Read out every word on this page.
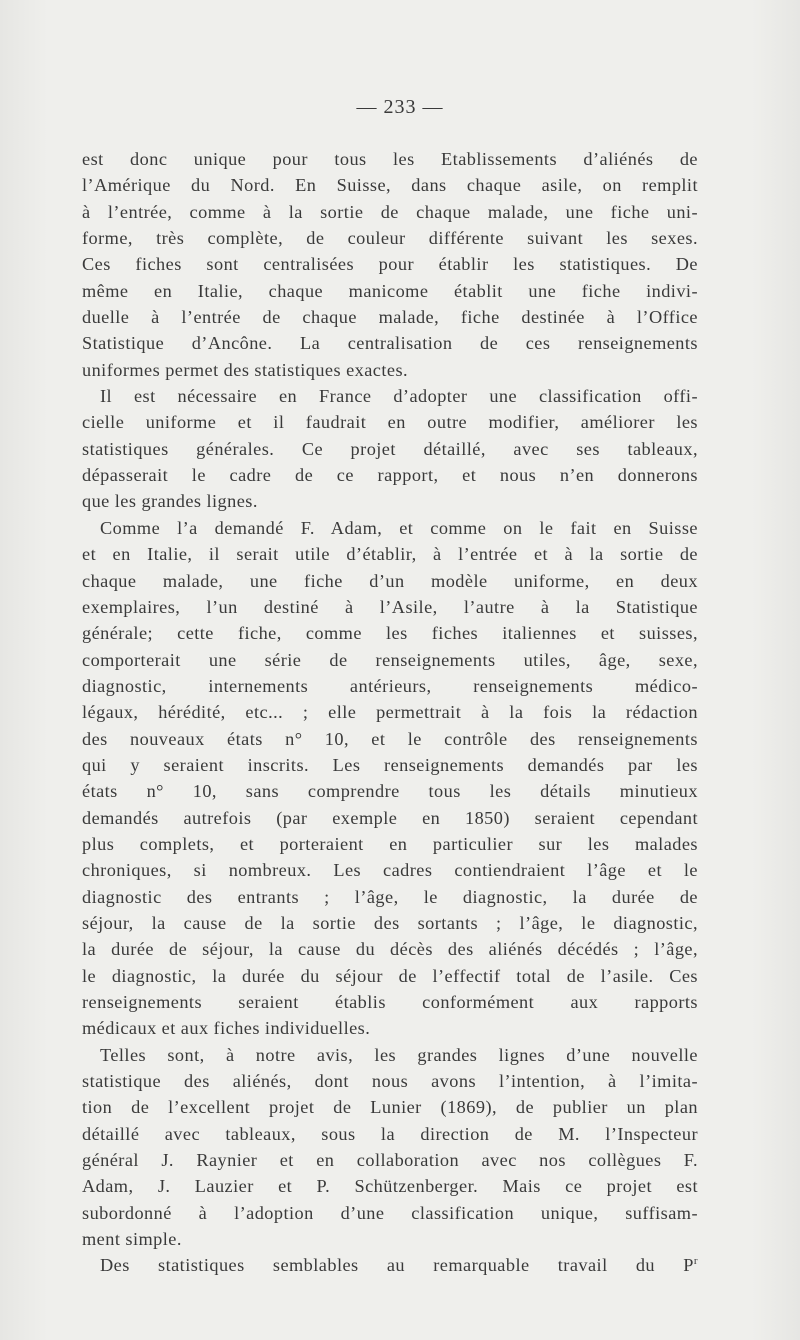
— 233 —
est donc unique pour tous les Etablissements d’aliénés de
l’Amérique du Nord. En Suisse, dans chaque asile, on remplit
à l’entrée, comme à la sortie de chaque malade, une fiche uni-
forme, très complète, de couleur différente suivant les sexes.
Ces fiches sont centralisées pour établir les statistiques. De
même en Italie, chaque manicome établit une fiche indivi-
duelle à l’entrée de chaque malade, fiche destinée à l’Office
Statistique d’Ancône. La centralisation de ces renseignements
uniformes permet des statistiques exactes.
Il est nécessaire en France d’adopter une classification offi-
cielle uniforme et il faudrait en outre modifier, améliorer les
statistiques générales. Ce projet détaillé, avec ses tableaux,
dépasserait le cadre de ce rapport, et nous n’en donnerons
que les grandes lignes.
Comme l’a demandé F. Adam, et comme on le fait en Suisse
et en Italie, il serait utile d’établir, à l’entrée et à la sortie de
chaque malade, une fiche d’un modèle uniforme, en deux
exemplaires, l’un destiné à l’Asile, l’autre à la Statistique
générale; cette fiche, comme les fiches italiennes et suisses,
comporterait une série de renseignements utiles, âge, sexe,
diagnostic, internements antérieurs, renseignements médico-
légaux, hérédité, etc... ; elle permettrait à la fois la rédaction
des nouveaux états n° 10, et le contrôle des renseignements
qui y seraient inscrits. Les renseignements demandés par les
états n° 10, sans comprendre tous les détails minutieux
demandés autrefois (par exemple en 1850) seraient cependant
plus complets, et porteraient en particulier sur les malades
chroniques, si nombreux. Les cadres contiendraient l’âge et le
diagnostic des entrants ; l’âge, le diagnostic, la durée de
séjour, la cause de la sortie des sortants ; l’âge, le diagnostic,
la durée de séjour, la cause du décès des aliénés décédés ; l’âge,
le diagnostic, la durée du séjour de l’effectif total de l’asile. Ces
renseignements seraient établis conformément aux rapports
médicaux et aux fiches individuelles.
Telles sont, à notre avis, les grandes lignes d’une nouvelle
statistique des aliénés, dont nous avons l’intention, à l’imita-
tion de l’excellent projet de Lunier (1869), de publier un plan
détaillé avec tableaux, sous la direction de M. l’Inspecteur
général J. Raynier et en collaboration avec nos collègues F.
Adam, J. Lauzier et P. Schützenberger. Mais ce projet est
subordonné à l’adoption d’une classification unique, suffisam-
ment simple.
Des statistiques semblables au remarquable travail du $P^r$
